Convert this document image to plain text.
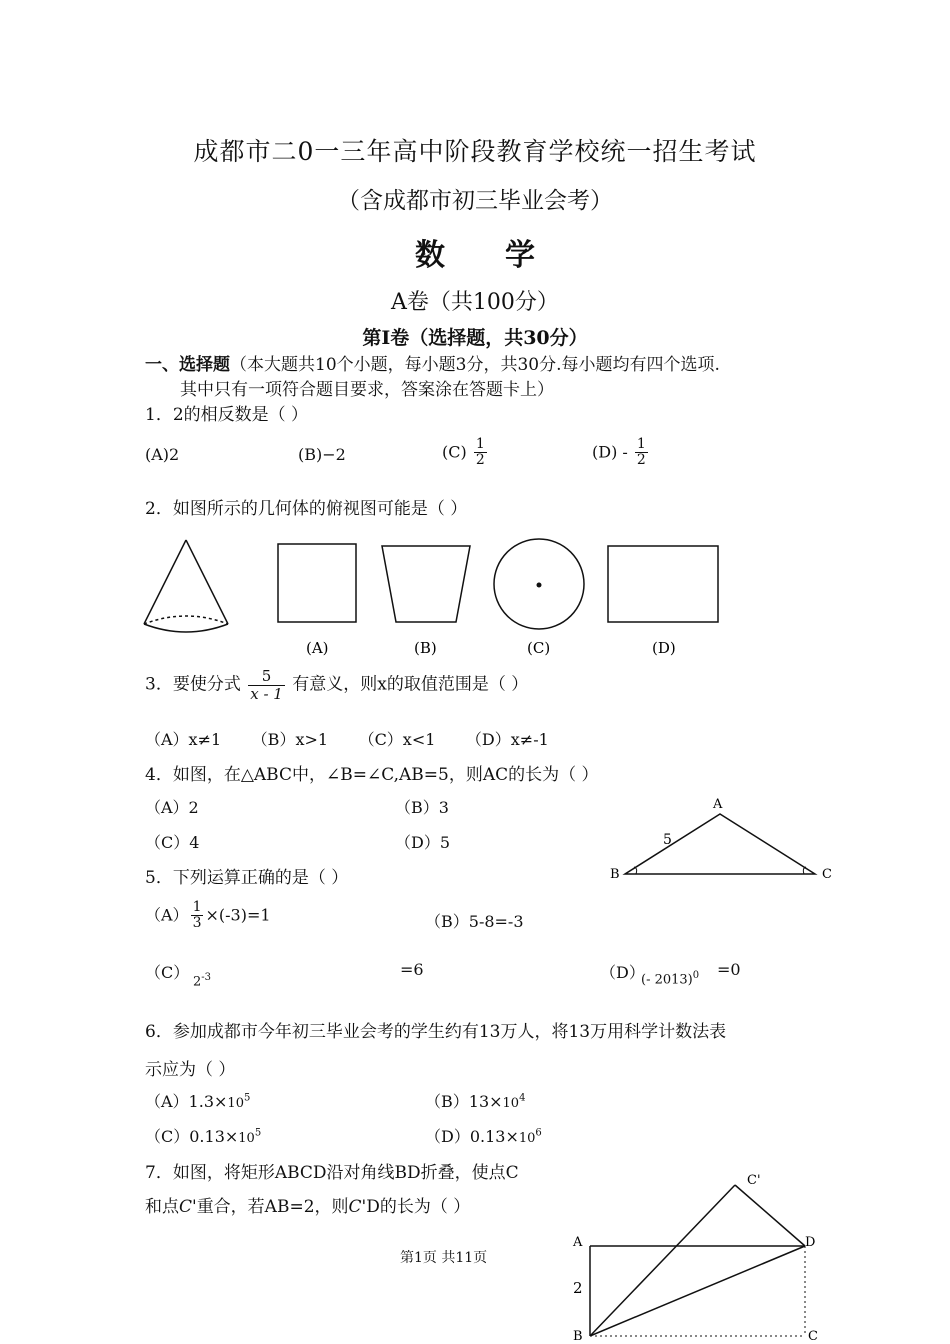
成都市二0一三年高中阶段教育学校统一招生考试
（含成都市初三毕业会考）
数学
A卷（共100分）
第Ⅰ卷（选择题，共30分）
一、选择题（本大题共10个小题，每小题3分，共30分.每小题均有四个选项.
其中只有一项符合题目要求，答案涂在答题卡上）
1．2的相反数是（ ）
(A)2	(B)−2	$(C) \frac{1}{2}$	$(D) - \frac{1}{2}$
2．如图所示的几何体的俯视图可能是（ ）
(A)	(B)	(C)	(D)
3．要使分式 $\frac{5}{x - 1}$ 有意义，则x的取值范围是（ ）
（A）x≠1      （B）x>1      （C）x<1      （D）x≠-1
4．如图，在△ABC中，∠B=∠C,AB=5，则AC的长为（ ）
（A）2	（B）3
（C）4	（D）5
A
B	C
5
5．下列运算正确的是（ ）
$(A) \frac{1}{3} \times(-3)=1$	（B）5-8=-3
（C） $2^{-3}$	=6	（D）
(- 2013)$^0$ =0
6．参加成都市今年初三毕业会考的学生约有13万人，将13万用科学计数法表
示应为（ ）
$(A)1.3\times 10^5$	$(B)13\times 10^4$
$(C)0.13\times 10^5$	$(D)0.13\times 10^6$
7．如图，将矩形ABCD沿对角线BD折叠，使点C
和点C'重合，若AB=2，则C'D的长为（ ）
A
B	C
D
C'
2
第1页 共11页
